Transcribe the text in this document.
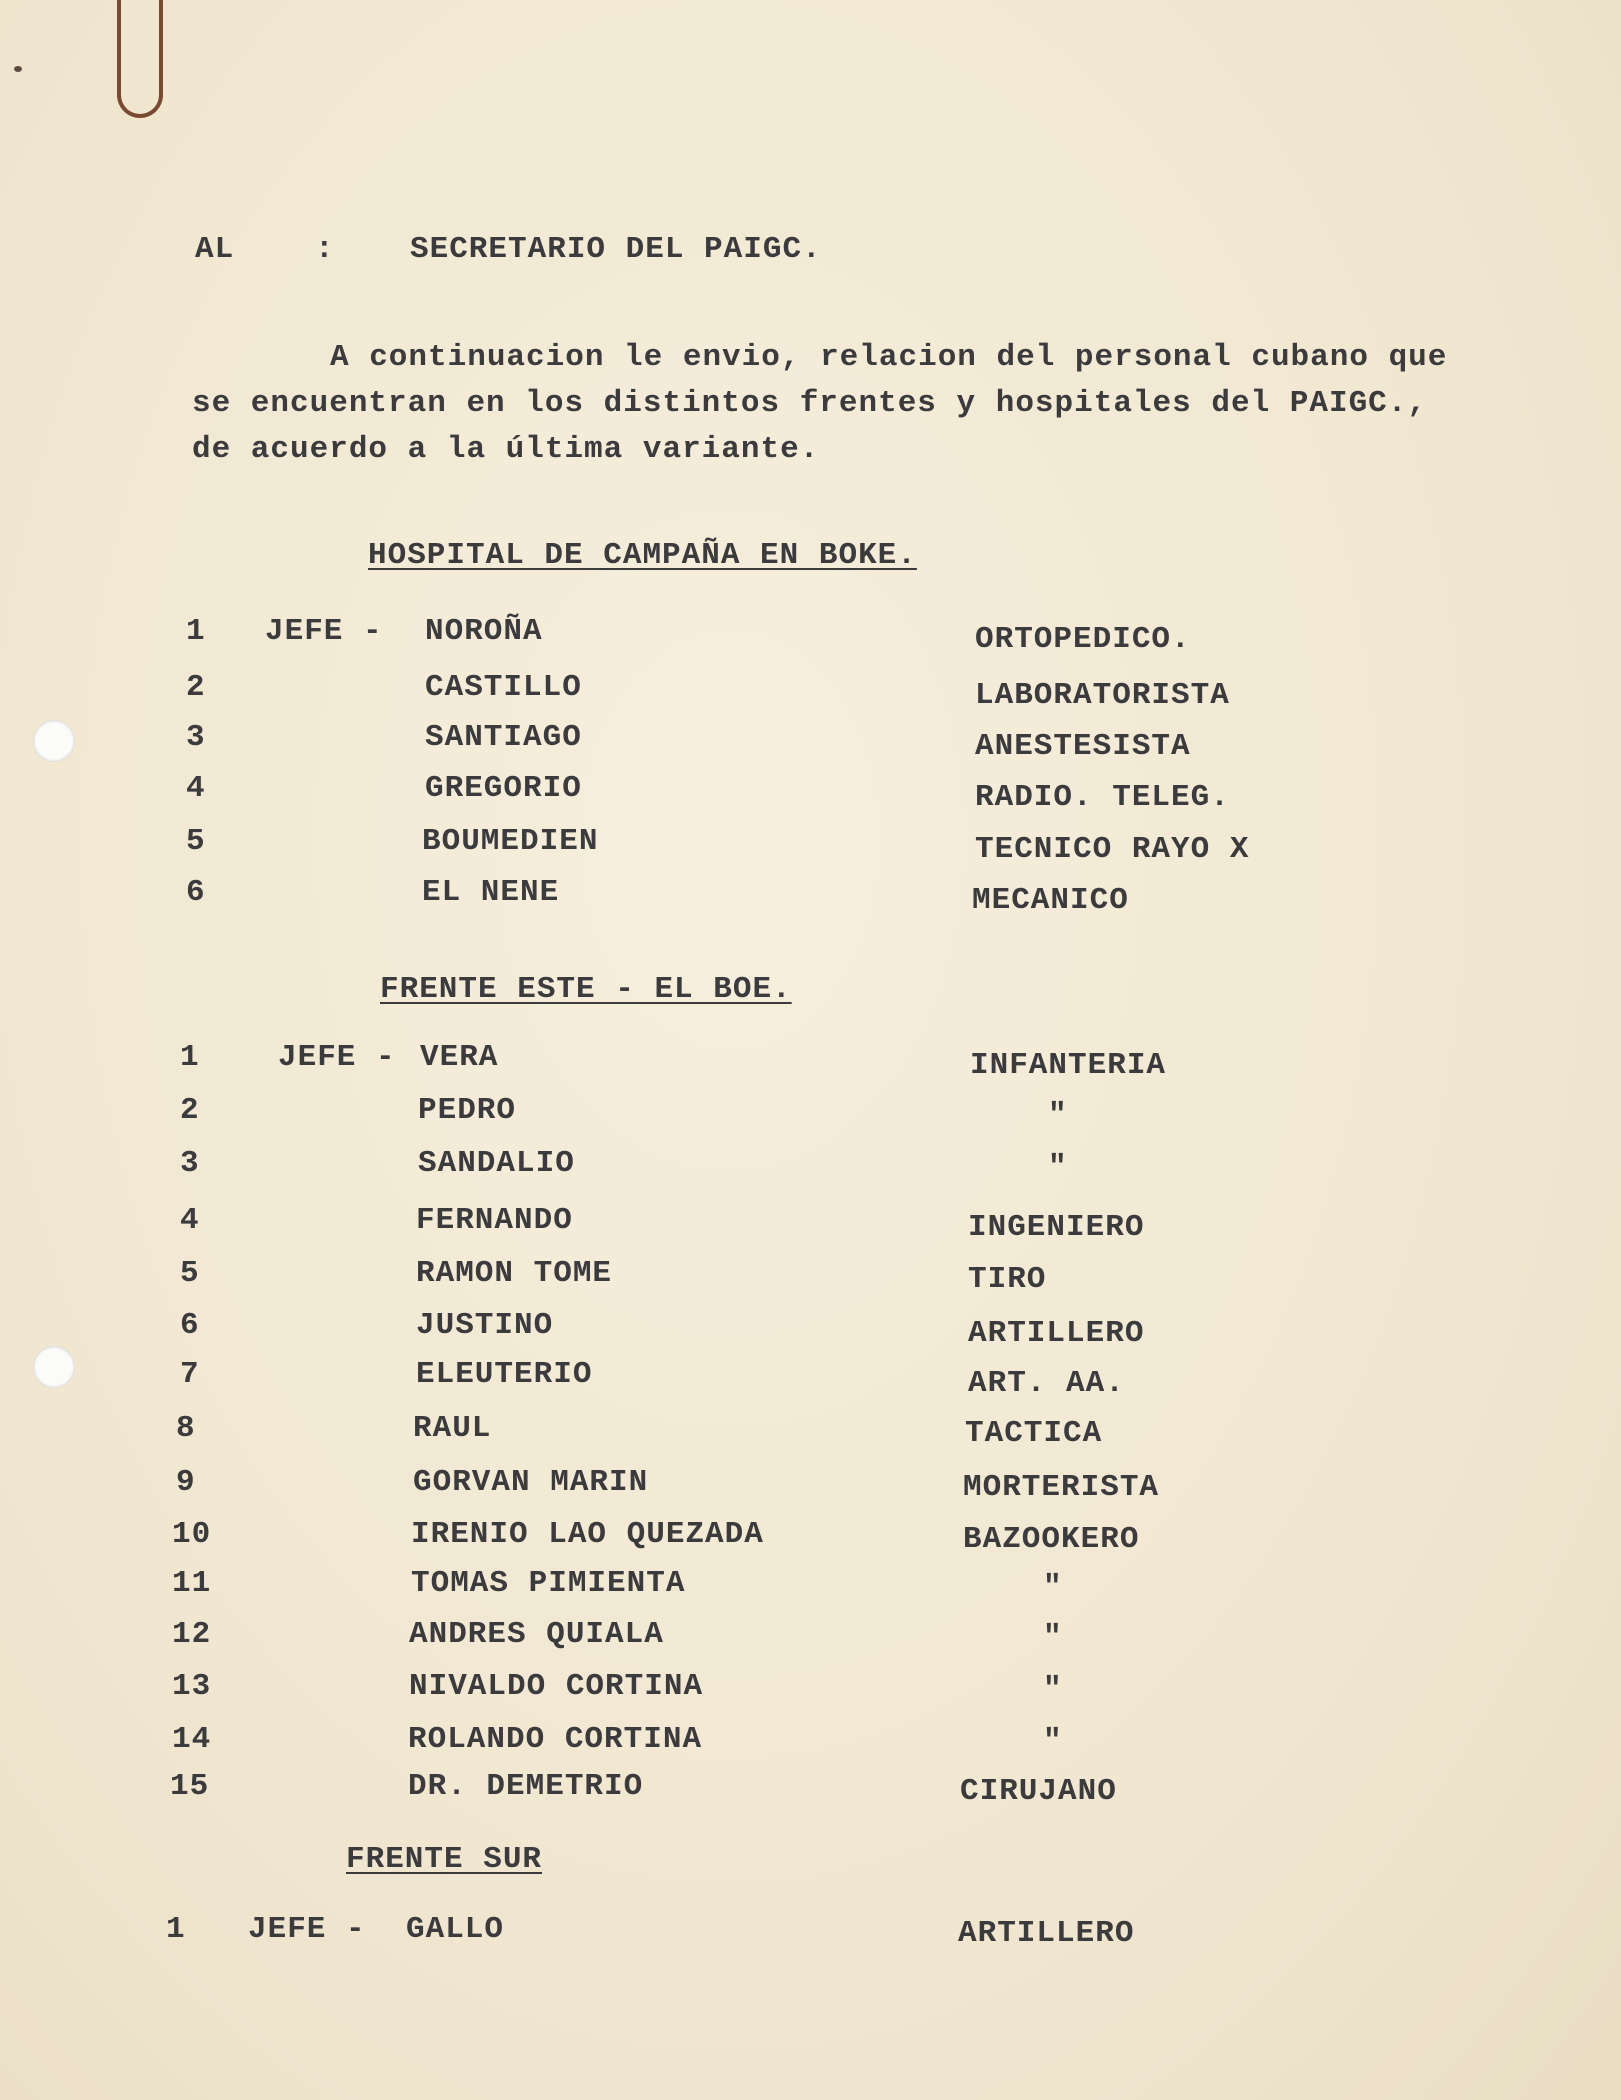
AL	: SECRETARIO DEL PAIGC.
A continuacion le envio, relacion del personal cubano que
se encuentran en los distintos frentes y hospitales del PAIGC.,
de acuerdo a la última variante.
HOSPITAL DE CAMPAÑA EN BOKE.
1 JEFE - NOROÑA	ORTOPEDICO.
2	CASTILLO	LABORATORISTA
3	SANTIAGO	ANESTESISTA
4	GREGORIO	RADIO. TELEG.
5	BOUMEDIEN	TECNICO RAYO X
6	EL NENE	MECANICO
FRENTE ESTE - EL BOE.
1	JEFE - VERA	INFANTERIA
2	PEDRO	"
3	SANDALIO	"
4	FERNANDO	INGENIERO
5	RAMON TOME	TIRO
6	JUSTINO	ARTILLERO
7	ELEUTERIO	ART. AA.
8	RAUL	TACTICA
9	GORVAN MARIN	MORTERISTA
10	IRENIO LAO QUEZADA	BAZOOKERO
11	TOMAS PIMIENTA	"
12	ANDRES QUIALA	"
13	NIVALDO CORTINA	"
14	ROLANDO CORTINA	"
15	DR. DEMETRIO	CIRUJANO
FRENTE SUR
1 JEFE - GALLO	ARTILLERO
